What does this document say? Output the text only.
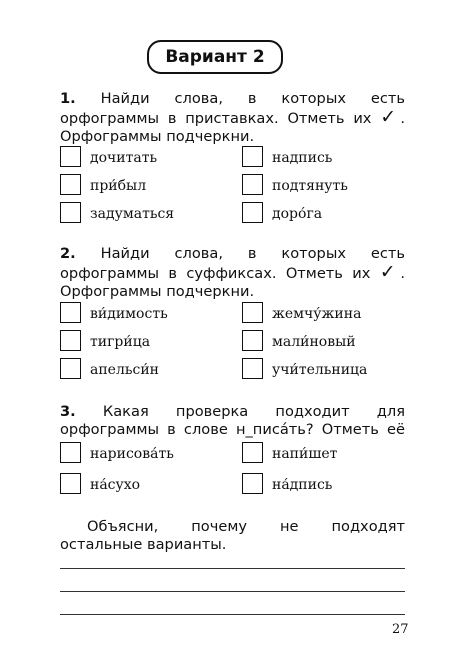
Вариант 2
1. Найди слова, в которых есть орфограммы в приставках. Отметь их ✓. Орфограммы подчеркни.
дочитать	надпись
при́был	подтянуть
задуматься	доро́га
2. Найди слова, в которых есть орфограммы в суффиксах. Отметь их ✓. Орфограммы подчеркни.
ви́димость	жемчу́жина
тигри́ца	мали́новый
апельси́н	учи́тельница
3. Какая проверка подходит для орфограммы в слове н_писа́ть? Отметь её
нарисова́ть	напи́шет
на́сухо	на́дпись
Объясни, почему не подходят остальные варианты.
27
